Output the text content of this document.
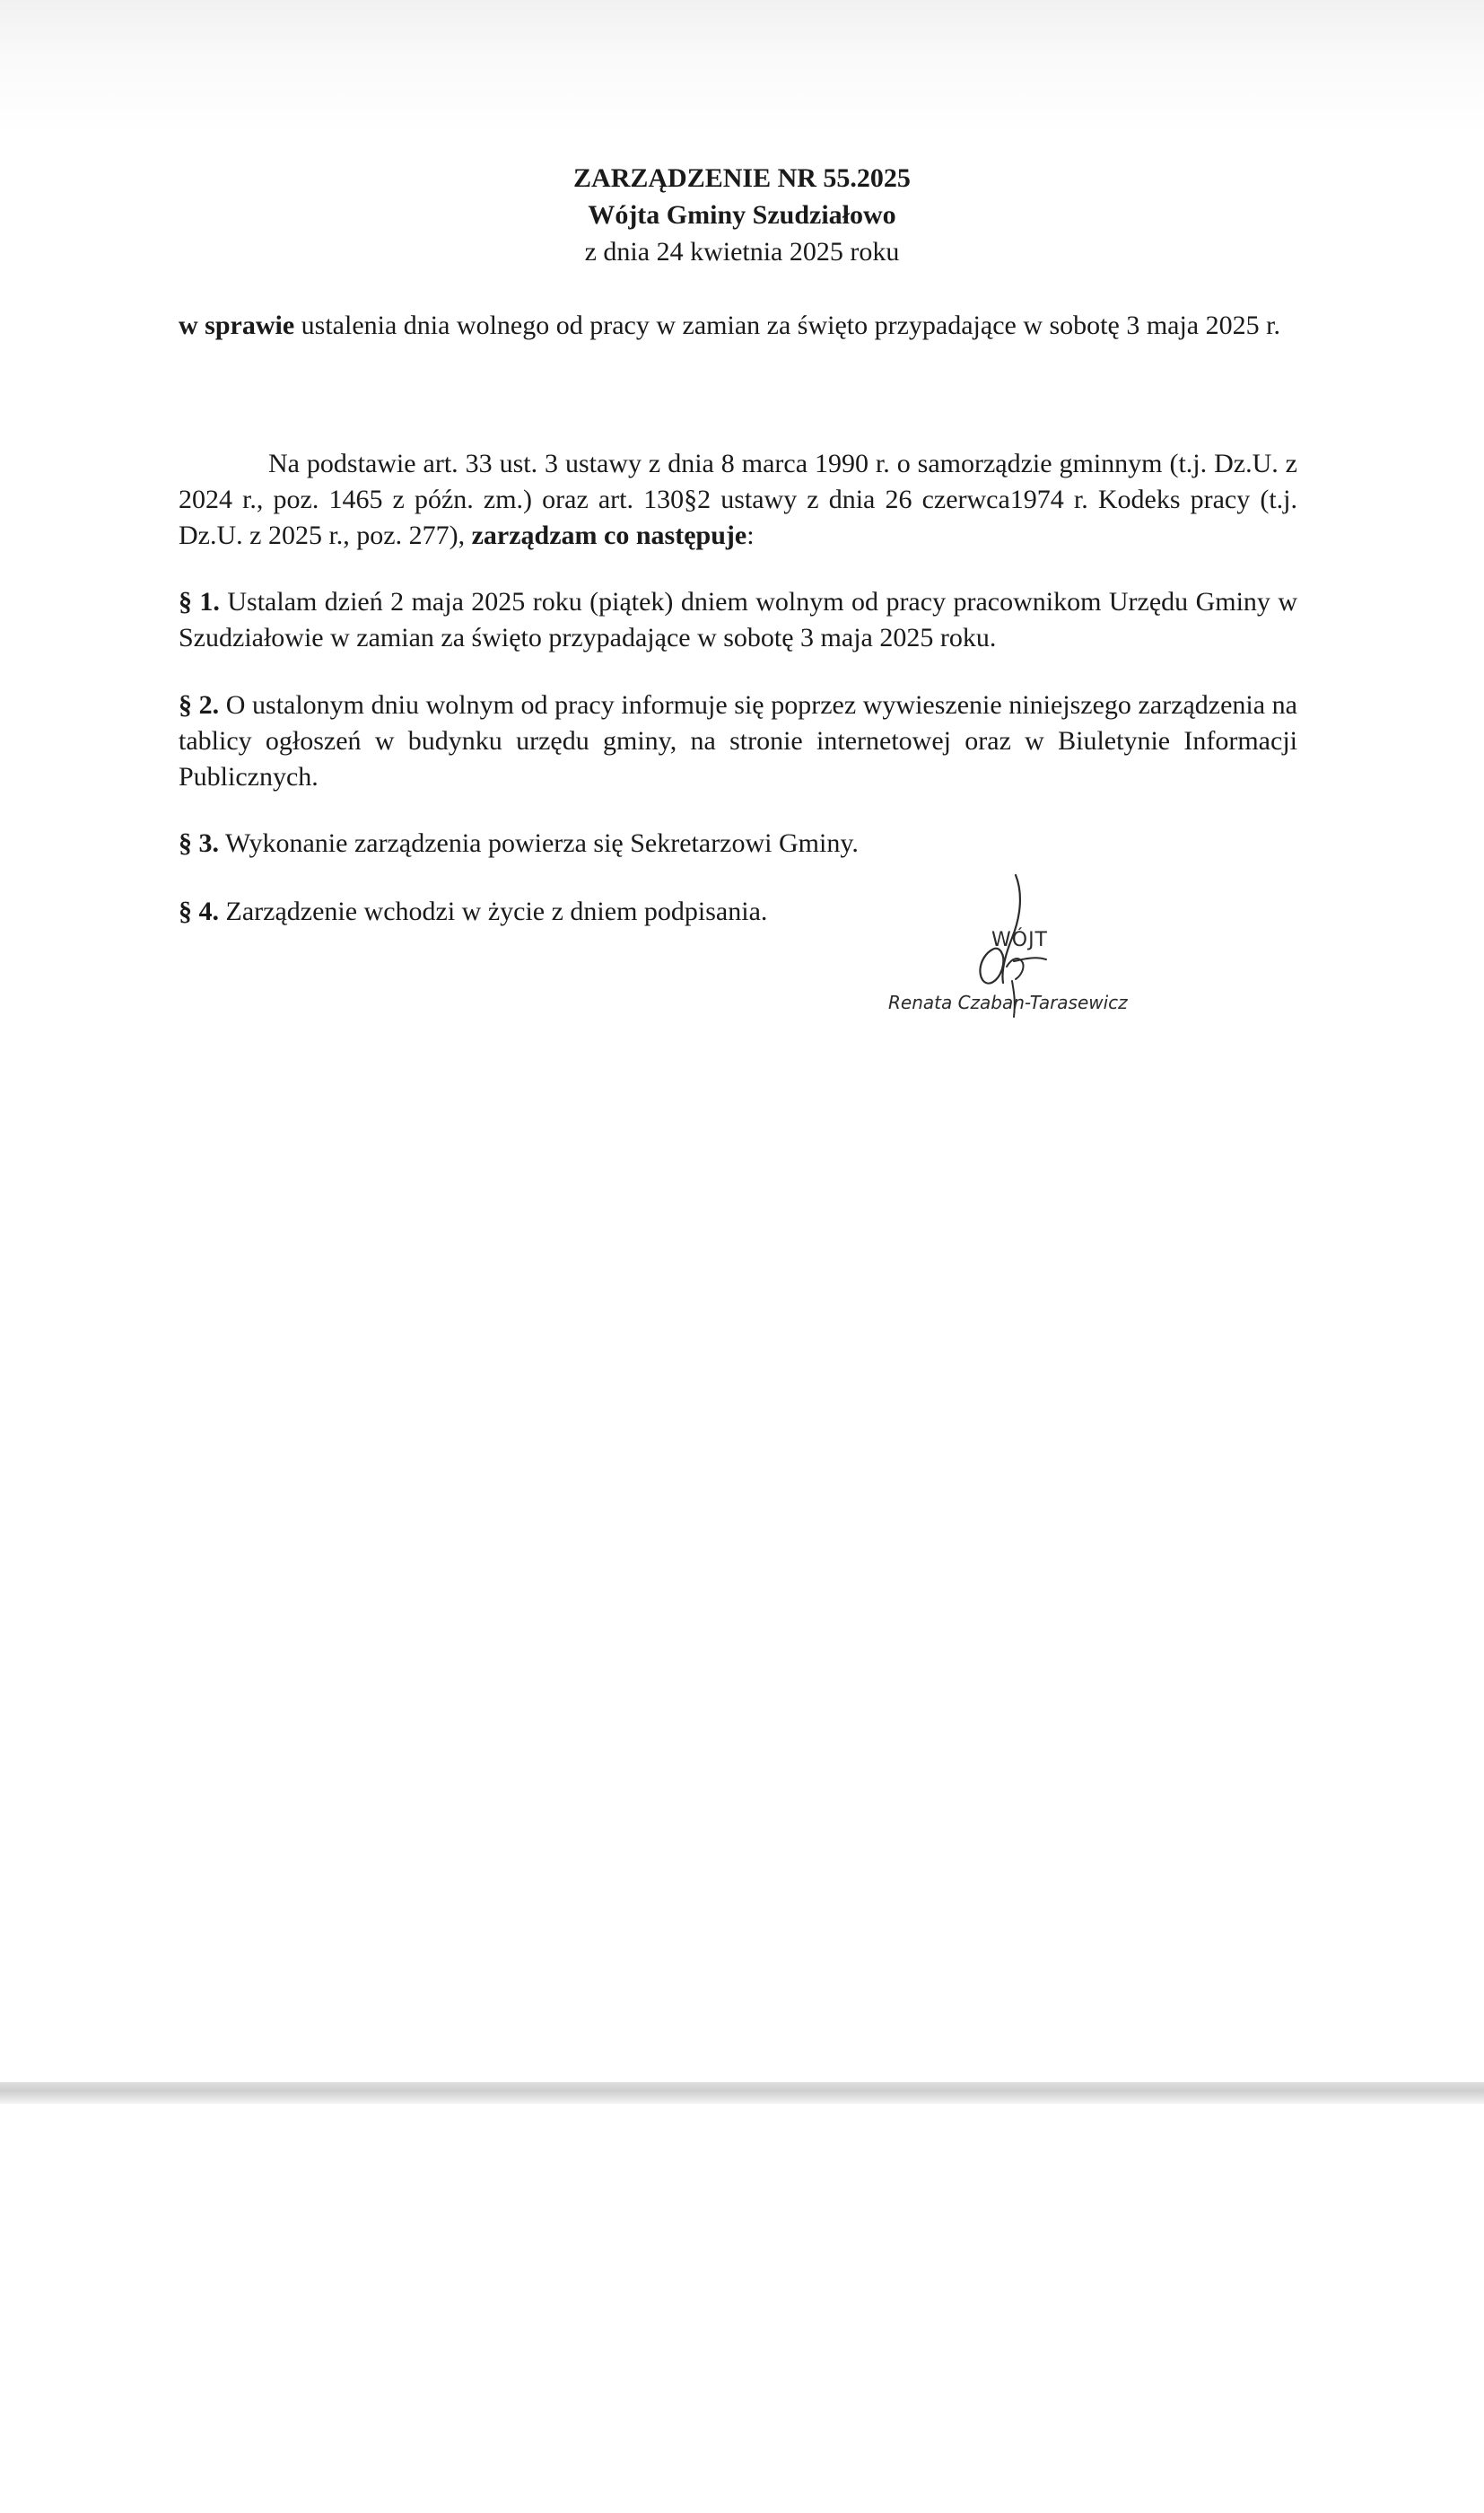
ZARZĄDZENIE NR 55.2025
Wójta Gminy Szudziałowo
z dnia 24 kwietnia 2025 roku
w sprawie ustalenia dnia wolnego od pracy w zamian za święto przypadające w sobotę 3 maja 2025 r.
Na podstawie art. 33 ust. 3 ustawy z dnia 8 marca 1990 r. o samorządzie gminnym (t.j. Dz.U. z 2024 r., poz. 1465 z późn. zm.) oraz art. 130§2 ustawy z dnia 26 czerwca1974 r. Kodeks pracy (t.j. Dz.U. z 2025 r., poz. 277), zarządzam co następuje:
§ 1. Ustalam dzień 2 maja 2025 roku (piątek) dniem wolnym od pracy pracownikom Urzędu Gminy w Szudziałowie w zamian za święto przypadające w sobotę 3 maja 2025 roku.
§ 2. O ustalonym dniu wolnym od pracy informuje się poprzez wywieszenie niniejszego zarządzenia na tablicy ogłoszeń w budynku urzędu gminy, na stronie internetowej oraz w Biuletynie Informacji Publicznych.
§ 3. Wykonanie zarządzenia powierza się Sekretarzowi Gminy.
§ 4. Zarządzenie wchodzi w życie z dniem podpisania.
WÓJT
Renata Czaban-Tarasewicz
